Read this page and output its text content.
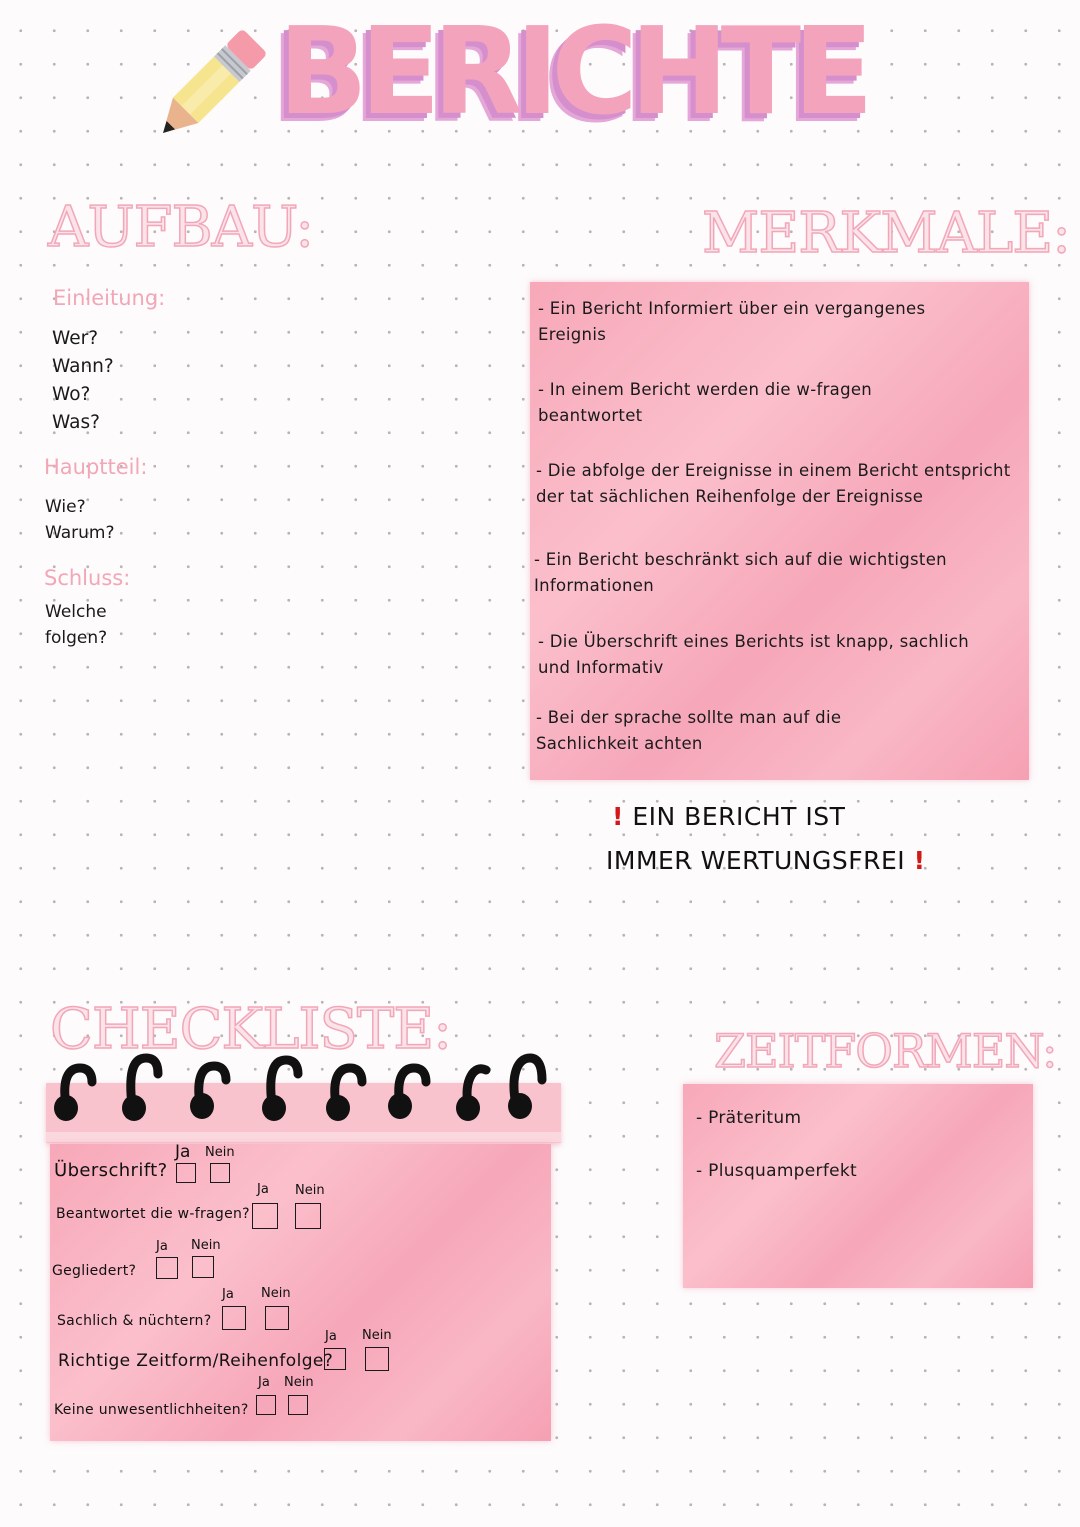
BERICHTE
AUFBAU:
Einleitung:
Wer?
Wann?
Wo?
Was?
Hauptteil:
Wie?
Warum?
Schluss:
Welche
folgen?
MERKMALE:
- Ein Bericht Informiert über ein vergangenes
Ereignis
- In einem Bericht werden die w-fragen
beantwortet
- Die abfolge der Ereignisse in einem Bericht entspricht
der tat sächlichen Reihenfolge der Ereignisse
- Ein Bericht beschränkt sich auf die wichtigsten
Informationen
- Die Überschrift eines Berichts ist knapp, sachlich
und Informativ
- Bei der sprache sollte man auf die
Sachlichkeit achten
! EIN BERICHT IST
IMMER WERTUNGSFREI !
CHECKLISTE:
Überschrift?
Ja Nein
Beantwortet die w-fragen?
Ja Nein
Gegliedert?
Ja Nein
Sachlich & nüchtern?
Ja Nein
Richtige Zeitform/Reihenfolge?
Ja Nein
Keine unwesentlichheiten?
Ja Nein
ZEITFORMEN:
- Präteritum
- Plusquamperfekt
